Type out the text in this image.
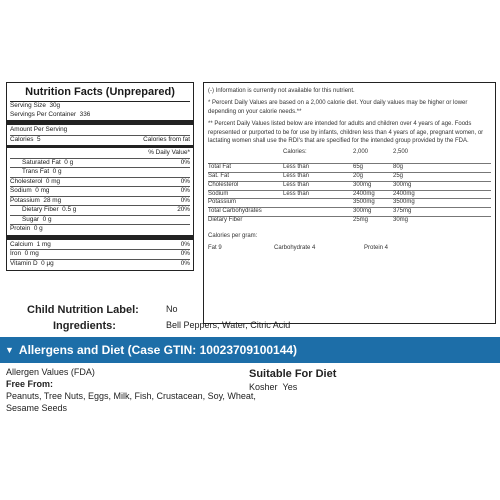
Nutrition Facts (Unprepared)
Serving Size 30g
Servings Per Container 336
Amount Per Serving
Calories 5	Calories from fat
% Daily Value*
Saturated Fat 0 g	0%
Trans Fat 0 g
Cholesterol 0 mg	0%
Sodium 0 mg	0%
Potassium 28 mg	0%
Dietary Fiber 0.5 g	20%
Sugar 0 g
Protein 0 g
Calcium 1 mg	0%
Iron 0 mg	0%
Vitamin D 0 µg	0%

(-) Information is currently not available for this nutrient.

* Percent Daily Values are based on a 2,000 calorie diet. Your daily values may be higher or lower depending on your calorie needs.**

** Percent Daily Values listed below are intended for adults and children over 4 years of age. Foods represented or purported to be for use by infants, children less than 4 years of age, pregnant women, or lactating women shall use the RDI's that are specified for the intended group provided by the FDA.

	Calories:	2,000	2,500

Total Fat	Less than	65g	80g
Sat. Fat	Less than	20g	25g
Cholesterol	Less than	300mg	300mg
Sodium	Less than	2400mg	2400mg
Potassium		3500mg	3500mg
Total Carbohydrates		300mg	375mg
Dietary Fiber		25mg	30mg
Calories per gram:
Fat 9	Carbohydrate 4	Protein 4
Child Nutrition Label:	No
Ingredients:	Bell Peppers, Water, Citric Acid
▼ Allergens and Diet (Case GTIN: 10023709100144)
Allergen Values (FDA)
Free From:
Peanuts, Tree Nuts, Eggs, Milk, Fish, Crustacean, Soy, Wheat,
Sesame Seeds
Suitable For Diet
Kosher Yes
